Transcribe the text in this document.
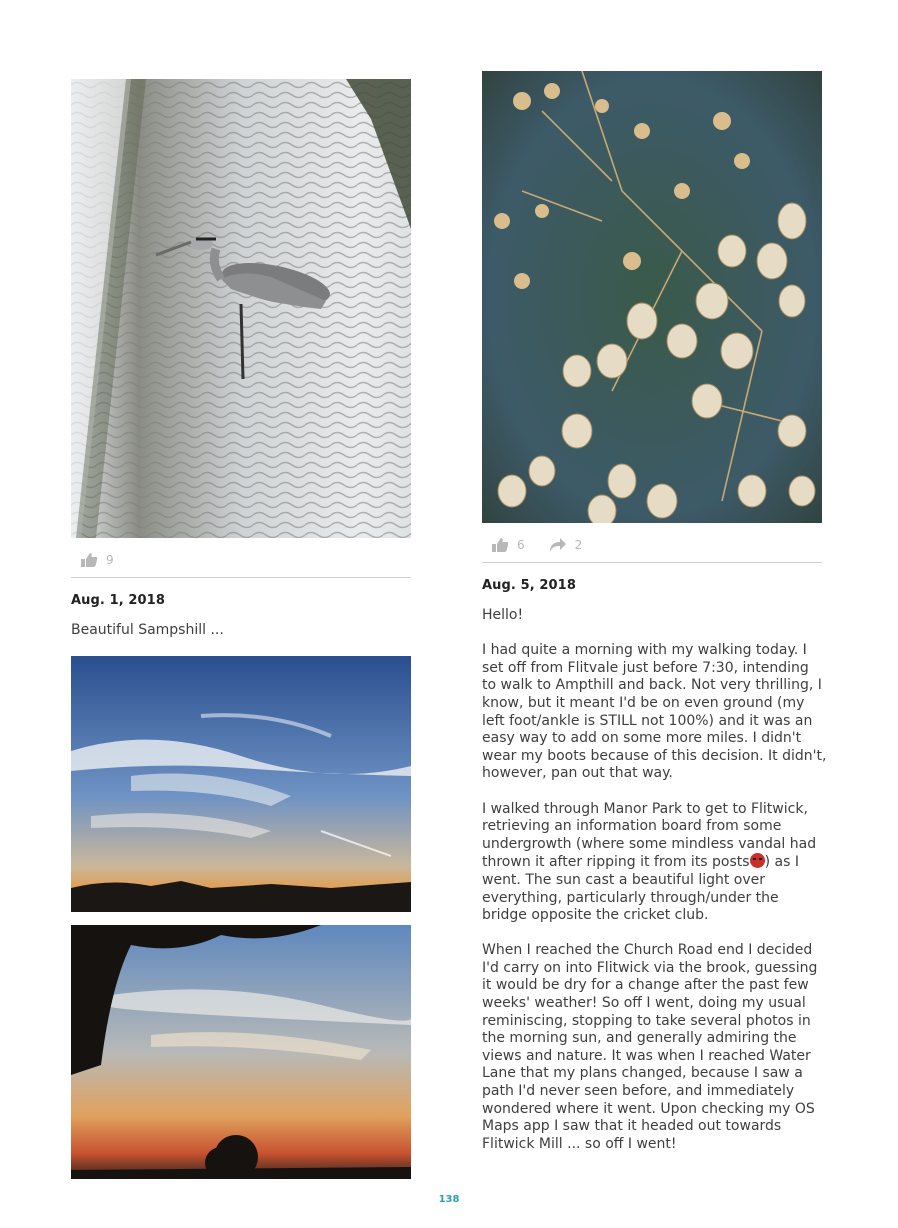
9
Aug. 1, 2018
Beautiful Sampshill ...
6	2
Aug. 5, 2018

Hello!

I had quite a morning with my walking today. I set off from Flitvale just before 7:30, intending to walk to Ampthill and back. Not very thrilling, I know, but it meant I'd be on even ground (my left foot/ankle is STILL not 100%) and it was an easy way to add on some more miles. I didn't wear my boots because of this decision. It didn't, however, pan out that way.

I walked through Manor Park to get to Flitwick, retrieving an information board from some undergrowth (where some mindless vandal had thrown it after ripping it from its posts ) as I went. The sun cast a beautiful light over everything, particularly through/under the bridge opposite the cricket club.

When I reached the Church Road end I decided I'd carry on into Flitwick via the brook, guessing it would be dry for a change after the past few weeks' weather! So off I went, doing my usual reminiscing, stopping to take several photos in the morning sun, and generally admiring the views and nature. It was when I reached Water Lane that my plans changed, because I saw a path I'd never seen before, and immediately wondered where it went. Upon checking my OS Maps app I saw that it headed out towards Flitwick Mill ... so off I went!

138
